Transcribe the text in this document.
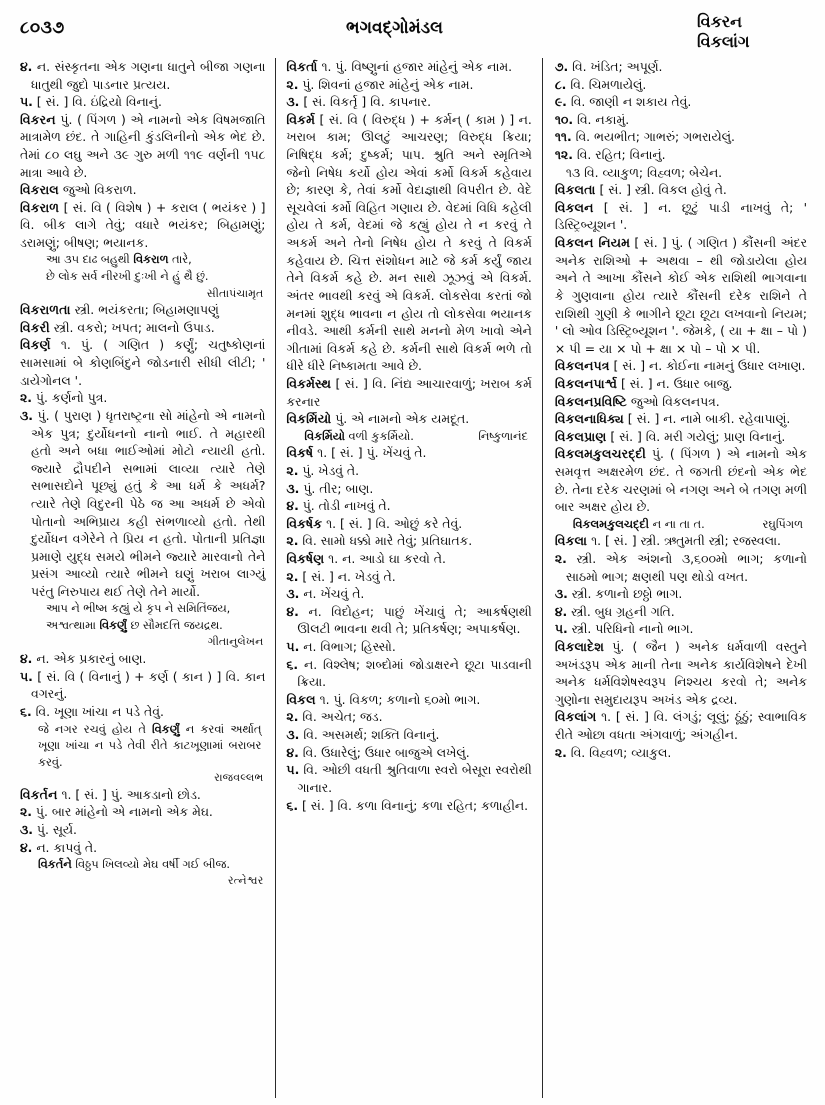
૮૦૩૭	ભગવદ્ગોમંડલ	વિકરન
વિકલાંગ
૪. ન. સંસ્કૃતના એક ગણના ધાતુને બીજા ગણના ધાતુથી જુદો પાડનાર પ્રત્યય.
૫. [ સં. ] વિ. ઇંદ્રિયો વિનાનું.
વિકરન પું. ( પિંગળ ) એ નામનો એક વિષમજાતિ માત્રામેળ છંદ. તે ગાહિની કુંડલિનીનો એક ભેદ છે. તેમાં ૮૦ લઘુ અને ૩૯ ગુરુ મળી ૧૧૯ વર્ણની ૧૫૮ માત્રા આવે છે.
વિકરાલ જુઓ વિકરાળ.
વિકરાળ [ સં. વિ ( વિશેષ ) + કરાલ ( ભયંકર ) ] વિ. બીક લાગે તેવું; વધારે ભયંકર; બિહામણું; ડરામણું; બીષણ; ભયાનક.
આ ૩૫ દાઢ બહુથી વિકરાળ તારે,
છે લોક સર્વ નીરખી દુઃખી ને હું થૈ છું.
સીતાપંચામૃત
વિકરાળતા સ્ત્રી. ભયંકરતા; બિહામણાપણું
વિકરી સ્ત્રી. વકરો; ખપત; માલનો ઉપાડ.
વિકર્ણ ૧. પું. ( ગણિત ) કર્ણું; ચતુષ્કોણનાં સામસામાં બે કોણબિંદુને જોડનારી સીધી લીટી; ' ડાયેગોનલ '.
૨. પું. કર્ણનો પુત્ર.
૩. પું. ( પુરાણ ) ધૃતરાષ્ટ્રના સો માંહેનો એ નામનો એક પુત્ર; દુર્યોધનનો નાનો ભાઈ. તે મહારથી હતો અને બધા ભાઈઓમાં મોટો ન્યાયી હતો. જ્યારે દ્રૌપદીને સભામાં લાવ્યા ત્યારે તેણે સભાસદોને પૂછ્યું હતું કે આ ધર્મ કે અધર્મ? ત્યારે તેણે વિદુરની પેઠે જ આ અધર્મ છે એવો પોતાનો અભિપ્રાય કહી સંભળાવ્યો હતો. તેથી દુર્યોધન વગેરેને તે પ્રિય ન હતો. પોતાની પ્રતિજ્ઞા પ્રમાણે યુદ્ધ સમયે ભીમને જ્યારે મારવાનો તેને પ્રસંગ આવ્યો ત્યારે ભીમને ઘણું ખરાબ લાગ્યું પરંતુ નિરુપાય થઈ તેણે તેને માર્યો.
આપ ને ભીષ્મ કહ્યું યે કૃપ ને સમિતિંજય,
અશ્વત્થામા વિકર્ણું છ સૌમદત્તિ જયદ્રથ.
ગીતાનુલેખન
૪. ન. એક પ્રકારનું બાણ.
૫. [ સં. વિ ( વિનાનું ) + કર્ણ ( કાન ) ] વિ. કાન વગરનું.
૬. વિ. ખૂણા ખાંચા ન પડે તેવું.
જે નગર રચવું હોય તે વિકર્ણું ન કરવાં અર્થાત્ ખૂણા ખાંચા ન પડે તેવી રીતે કાટખૂણામાં બરાબર કરવું.
રાજવલ્લભ
વિકર્તન ૧. [ સં. ] પું. આકડાનો છોડ.
૨. પું. બાર માંહેનો એ નામનો એક મેઘ.
૩. પું. સૂર્ય.
૪. ન. કાપવું તે.
વિકર્તને વિઠ્ઠપ ખિલવ્યો મેઘ વર્ષી ગઈ બીજ.
રત્નેશ્વર
વિકર્તા ૧. પું. વિષ્ણુનાં હજાર માંહેનું એક નામ.
૨. પું. શિવનાં હજાર માંહેનું એક નામ.
૩. [ સં. વિકર્તૃ ] વિ. કાપનાર.
વિકર્મ [ સં. વિ ( વિરુદ્ધ ) + કર્મન્ ( કામ ) ] ન. ખરાબ કામ; ઊલટું આચરણ; વિરુદ્ધ ક્રિયા; નિષિદ્ધ કર્મ; દુષ્કર્મ; પાપ. શ્રુતિ અને સ્મૃતિએ જેનો નિષેધ કર્યો હોય એવાં કર્મો વિકર્મ કહેવાય છે; કારણ કે, તેવાં કર્મો વેદાજ્ઞાથી વિપરીત છે. વેદે સૂચવેલાં કર્મો વિહિત ગણાય છે. વેદમાં વિધિ કહેલી હોય તે કર્મ, વેદમાં જે કહ્યું હોય તે ન કરવું તે અકર્મ અને તેનો નિષેધ હોય તે કરવું તે વિકર્મ કહેવાય છે. ચિત્ત સંશોધન માટે જે કર્મ કર્યું જાય તેને વિકર્મ કહે છે. મન સાથે ઝૂઝવું એ વિકર્મ. અંતર ભાવથી કરવું એ વિકર્મ. લોકસેવા કરતાં જો મનમાં શુદ્ધ ભાવના ન હોય તો લોકસેવા ભયાનક નીવડે. આથી કર્મની સાથે મનનો મેળ ખાવો એને ગીતામાં વિકર્મ કહે છે. કર્મની સાથે વિકર્મ ભળે તો ધીરે ધીરે નિષ્કામતા આવે છે.
વિકર્મસ્થ [ સં. ] વિ. નિંદ્ય આચારવાળું; ખરાબ કર્મ કરનાર
વિકર્મિયો પું. એ નામનો એક યમદૂત.
વિકર્મિયો વળી કુકર્મિયો.	નિષ્કુળાનંદ
વિકર્ષ ૧. [ સં. ] પું. ખેંચવું તે.
૨. પું. ખેડવું તે.
૩. પું. તીર; બાણ.
૪. પું. તોડી નાખવું તે.
વિકર્ષક ૧. [ સં. ] વિ. ઓછું કરે તેવું.
૨. વિ. સામો ધક્કો મારે તેવું; પ્રતિઘાતક.
વિકર્ષણ ૧. ન. આડો ઘા કરવો તે.
૨. [ સં. ] ન. ખેડવું તે.
૩. ન. ખેંચવું તે.
૪. ન. વિદોહન; પાછું ખેંચાવું તે; આકર્ષણથી ઊલટી ભાવના થવી તે; પ્રતિકર્ષણ; અપાકર્ષણ.
૫. ન. વિભાગ; હિસ્સો.
૬. ન. વિશ્લેષ; શબ્દોમાં જોડાક્ષરને છૂટા પાડવાની ક્રિયા.
વિકલ ૧. પું. વિકળ; કળાનો ૬૦મો ભાગ.
૨. વિ. અચેત; જડ.
૩. વિ. અસમર્થ; શક્તિ વિનાનું.
૪. વિ. ઉધારેલું; ઉધાર બાજુએ લખેલું.
૫. વિ. ઓછી વધતી શ્રુતિવાળા સ્વરો બેસૂરા સ્વરોથી ગાનાર.
૬. [ સં. ] વિ. કળા વિનાનું; કળા રહિત; કળાહીન.
૭. વિ. ખંડિત; અપૂર્ણ.
૮. વિ. ચિમળાયેલું.
૯. વિ. જાણી ન શકાય તેવું.
૧૦. વિ. નકામું.
૧૧. વિ. ભયભીત; ગાભરું; ગભરાયેલું.
૧૨. વિ. રહિત; વિનાનું.
૧૩ વિ. વ્યાકુળ; વિહ્વળ; બેચેન.
વિકલતા [ સં. ] સ્ત્રી. વિકલ હોવું તે.
વિકલન [ સં. ] ન. છૂટું પાડી નાખવું તે; ' ડિસ્ટ્રિબ્યૂશન '.
વિકલન નિયમ [ સં. ] પું. ( ગણિત ) કૌંસની અંદર અનેક રાશિઓ + અથવા – થી જોડાયેલા હોય અને તે આખા કૌંસને કોઈ એક રાશિથી ભાગવાના કે ગુણવાના હોય ત્યારે કૌંસની દરેક રાશિને તે રાશિથી ગુણી કે ભાગીને છૂટા છૂટા લખવાનો નિયમ; ' લો ઓવ ડિસ્ટ્રિબ્યૂશન '. જેમકે, ( યા + ક્ષા – પો ) × પી = યા × પો + ક્ષા × પો – પો × પી.
વિકલનપત્ર [ સં. ] ન. કોઈના નામનું ઉધાર લખાણ.
વિકલનપાર્શ્વ [ સં. ] ન. ઉધાર બાજુ.
વિકલનપ્રવિષ્ટિ જુઓ વિકલનપત્ર.
વિકલનાધિક્ય [ સં. ] ન. નામે બાકી. રહેવાપાણું.
વિકલપ્રાણ [ સં. ] વિ. મરી ગયેલું; પ્રાણ વિનાનું.
વિકલમકુલચરદ્દી પું. ( પિંગળ ) એ નામનો એક સમવૃત્ત અક્ષરમેળ છંદ. તે જગતી છંદનો એક ભેદ છે. તેના દરેક ચરણમાં બે નગણ અને બે તગણ મળી બાર અક્ષર હોય છે.
વિકલમકુલચદ્દી ન ના તા ત.	રઘુપિંગળ
વિકલા ૧. [ સં. ] સ્ત્રી. ઋતુમતી સ્ત્રી; રજસ્વલા.
૨. સ્ત્રી. એક અંશનો ૩,૬૦૦મો ભાગ; કળાનો સાઠમો ભાગ; ક્ષણથી પણ થોડો વખત.
૩. સ્ત્રી. કળાનો છઠ્ઠો ભાગ.
૪. સ્ત્રી. બુધ ગ્રહની ગતિ.
૫. સ્ત્રી. પરિધિનો નાનો ભાગ.
વિકલાદેશ પું. ( જૈન ) અનેક ધર્મવાળી વસ્તુને અખંડરૂપ એક માની તેના અનેક કાર્યવિશેષને દેખી અનેક ધર્મવિશેષસ્વરૂપ નિશ્ચય કરવો તે; અનેક ગુણોના સમુદાયરૂપ અખંડ એક દ્રવ્ય.
વિકલાંગ ૧. [ સં. ] વિ. લંગડું; લૂલું; ઠૂંઠું; સ્વાભાવિક રીતે ઓછા વધતા અંગવાળું; અંગહીન.
૨. વિ. વિહ્વળ; વ્યાકુલ.
